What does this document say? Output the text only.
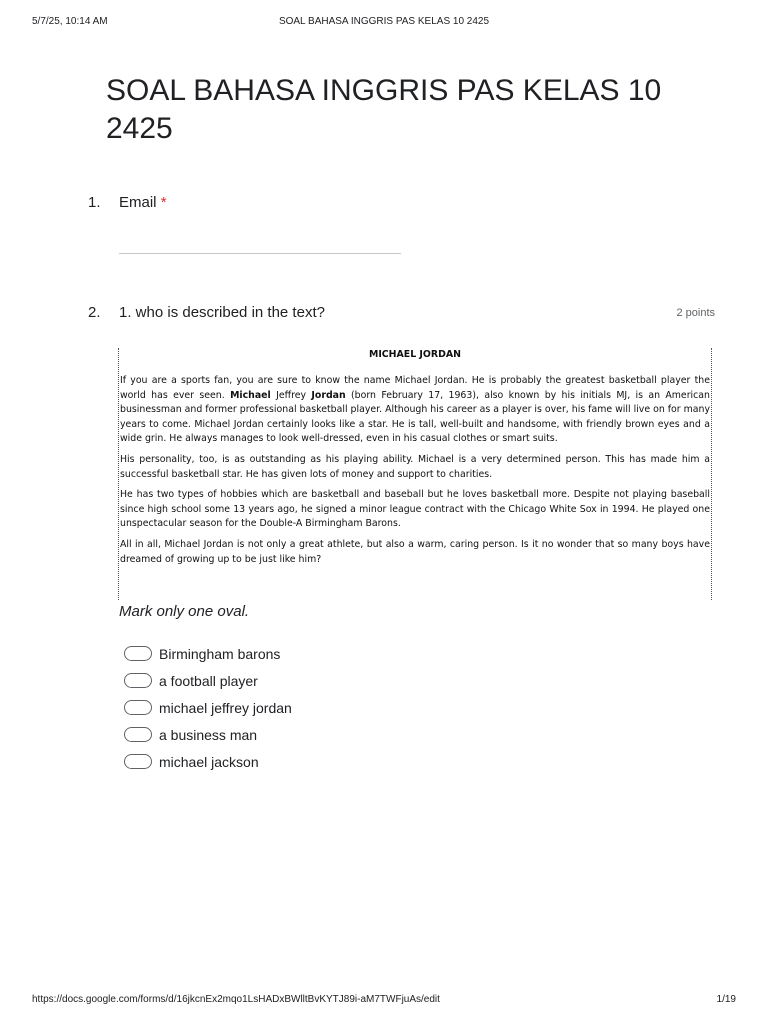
5/7/25, 10:14 AM	SOAL BAHASA INGGRIS PAS KELAS 10 2425
SOAL BAHASA INGGRIS PAS KELAS 10 2425
1. Email *
2. 1. who is described in the text?	2 points
MICHAEL JORDAN

If you are a sports fan, you are sure to know the name Michael Jordan. He is probably the greatest basketball player the world has ever seen. Michael Jeffrey Jordan (born February 17, 1963), also known by his initials MJ, is an American businessman and former professional basketball player. Although his career as a player is over, his fame will live on for many years to come. Michael Jordan certainly looks like a star. He is tall, well-built and handsome, with friendly brown eyes and a wide grin. He always manages to look well-dressed, even in his casual clothes or smart suits.

His personality, too, is as outstanding as his playing ability. Michael is a very determined person. This has made him a successful basketball star. He has given lots of money and support to charities.

He has two types of hobbies which are basketball and baseball but he loves basketball more. Despite not playing baseball since high school some 13 years ago, he signed a minor league contract with the Chicago White Sox in 1994. He played one unspectacular season for the Double-A Birmingham Barons.

All in all, Michael Jordan is not only a great athlete, but also a warm, caring person. Is it no wonder that so many boys have dreamed of growing up to be just like him?

Mark only one oval.
Birmingham barons
a football player
michael jeffrey jordan
a business man
michael jackson
https://docs.google.com/forms/d/16jkcnEx2mqo1LsHADxBWlltBvKYTJ89i-aM7TWFjuAs/edit	1/19
